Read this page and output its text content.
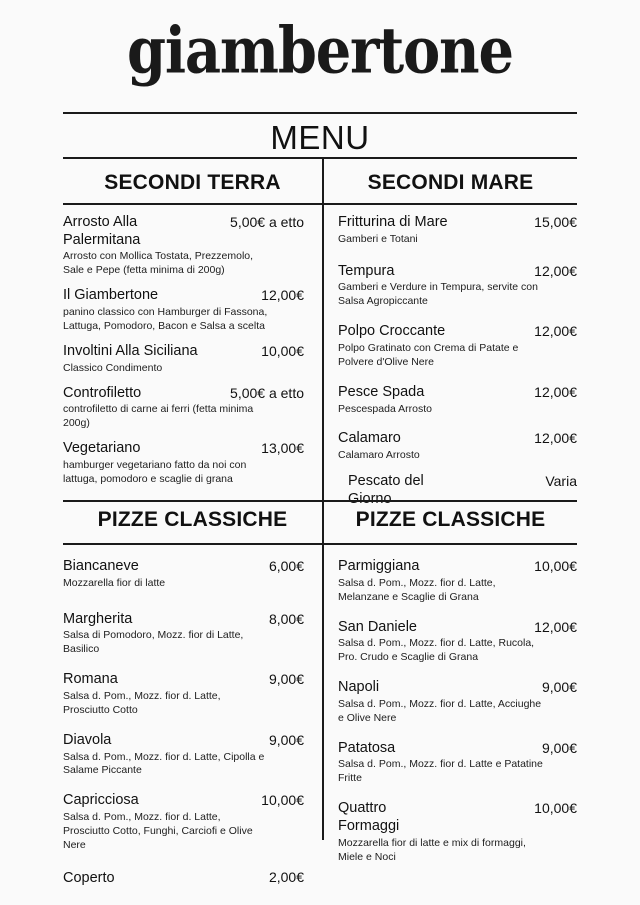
giambertone
MENU
SECONDI TERRA	SECONDI MARE
Arrosto Alla Palermitana
5,00€ a etto
Arrosto con Mollica Tostata, Prezzemolo, Sale e Pepe (fetta minima di 200g)
Il Giambertone	12,00€
panino classico con Hamburger di Fassona, Lattuga, Pomodoro, Bacon e Salsa a scelta
Involtini Alla Siciliana	10,00€
Classico Condimento
Controfiletto	5,00€ a etto
controfiletto di carne ai ferri (fetta minima 200g)
Vegetariano	13,00€
hamburger vegetariano fatto da noi con lattuga, pomodoro e scaglie di grana
Fritturina di Mare	15,00€
Gamberi e Totani
Tempura	12,00€
Gamberi e Verdure in Tempura, servite con Salsa Agropiccante
Polpo Croccante	12,00€
Polpo Gratinato con Crema di Patate e Polvere d'Olive Nere
Pesce Spada	12,00€
Pescespada Arrosto
Calamaro	12,00€
Calamaro Arrosto
Pescato del Giorno
Varia
PIZZE CLASSICHE	PIZZE CLASSICHE
Biancaneve	6,00€
Mozzarella fior di latte
Margherita	8,00€
Salsa di Pomodoro, Mozz. fior di Latte, Basilico
Romana	9,00€
Salsa d. Pom., Mozz. fior d. Latte, Prosciutto Cotto
Diavola	9,00€
Salsa d. Pom., Mozz. fior d. Latte, Cipolla e Salame Piccante
Capricciosa	10,00€
Salsa d. Pom., Mozz. fior d. Latte, Prosciutto Cotto, Funghi, Carciofi e Olive Nere
Parmiggiana	10,00€
Salsa d. Pom., Mozz. fior d. Latte, Melanzane e Scaglie di Grana
San Daniele	12,00€
Salsa d. Pom., Mozz. fior d. Latte, Rucola, Pro. Crudo e Scaglie di Grana
Napoli	9,00€
Salsa d. Pom., Mozz. fior d. Latte, Acciughe e Olive Nere
Patatosa	9,00€
Salsa d. Pom., Mozz. fior d. Latte e Patatine Fritte
Quattro Formaggi
10,00€
Mozzarella fior di latte e mix di formaggi, Miele e Noci
Coperto	2,00€
